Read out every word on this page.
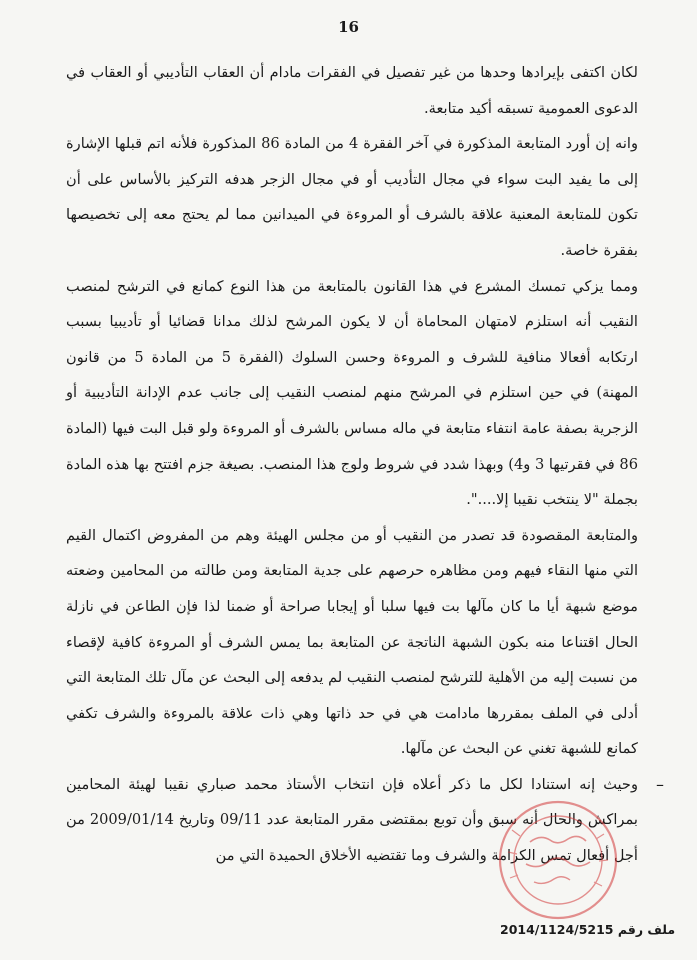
16

لكان اكتفى بإيرادها وحدها من غير تفصيل في الفقرات مادام أن العقاب التأديبي أو العقاب في الدعوى العمومية تسبقه أكيد متابعة.

وانه إن أورد المتابعة المذكورة في آخر الفقرة 4 من المادة 86 المذكورة فلأنه اتم قبلها الإشارة إلى ما يفيد البت سواء في مجال التأديب أو في مجال الزجر هدفه التركيز بالأساس على أن تكون للمتابعة المعنية علاقة بالشرف أو المروءة في الميدانين مما لم يحتج معه إلى تخصيصها بفقرة خاصة.

ومما يزكي تمسك المشرع في هذا القانون بالمتابعة من هذا النوع كمانع في الترشح لمنصب النقيب أنه استلزم لامتهان المحاماة أن لا يكون المرشح لذلك مدانا قضائيا أو تأديبيا بسبب ارتكابه أفعالا منافية للشرف و المروءة وحسن السلوك (الفقرة 5 من المادة 5 من قانون المهنة) في حين استلزم في المرشح منهم لمنصب النقيب إلى جانب عدم الإدانة التأديبية أو الزجرية بصفة عامة انتفاء متابعة في ماله مساس بالشرف أو المروءة ولو قبل البت فيها (المادة 86 في فقرتيها 3 و4) وبهذا شدد في شروط ولوج هذا المنصب. بصيغة جزم افتتح بها هذه المادة بجملة "لا ينتخب نقيبا إلا....".

والمتابعة المقصودة قد تصدر من النقيب أو من مجلس الهيئة وهم من المفروض اكتمال القيم التي منها النقاء فيهم ومن مظاهره حرصهم على جدية المتابعة ومن طالته من المحامين وضعته موضع شبهة أيا ما كان مآلها بت فيها سلبا أو إيجابا صراحة أو ضمنا لذا فإن الطاعن في نازلة الحال اقتناعا منه بكون الشبهة الناتجة عن المتابعة بما يمس الشرف أو المروءة كافية لإقصاء من نسبت إليه من الأهلية للترشح لمنصب النقيب لم يدفعه إلى البحث عن مآل تلك المتابعة التي أدلى في الملف بمقررها مادامت هي في حد ذاتها وهي ذات علاقة بالمروءة والشرف تكفي كمانع للشبهة تغني عن البحث عن مآلها.

–
وحيث إنه استنادا لكل ما ذكر أعلاه فإن انتخاب الأستاذ محمد صباري نقيبا لهيئة المحامين بمراكش والحال أنه سبق وأن توبع بمقتضى مقرر المتابعة عدد 09/11 وتاريخ 2009/01/14 من أجل أفعال تمس الكرامة والشرف وما تقتضيه الأخلاق الحميدة التي من

ملف رقم 2014/1124/5215
